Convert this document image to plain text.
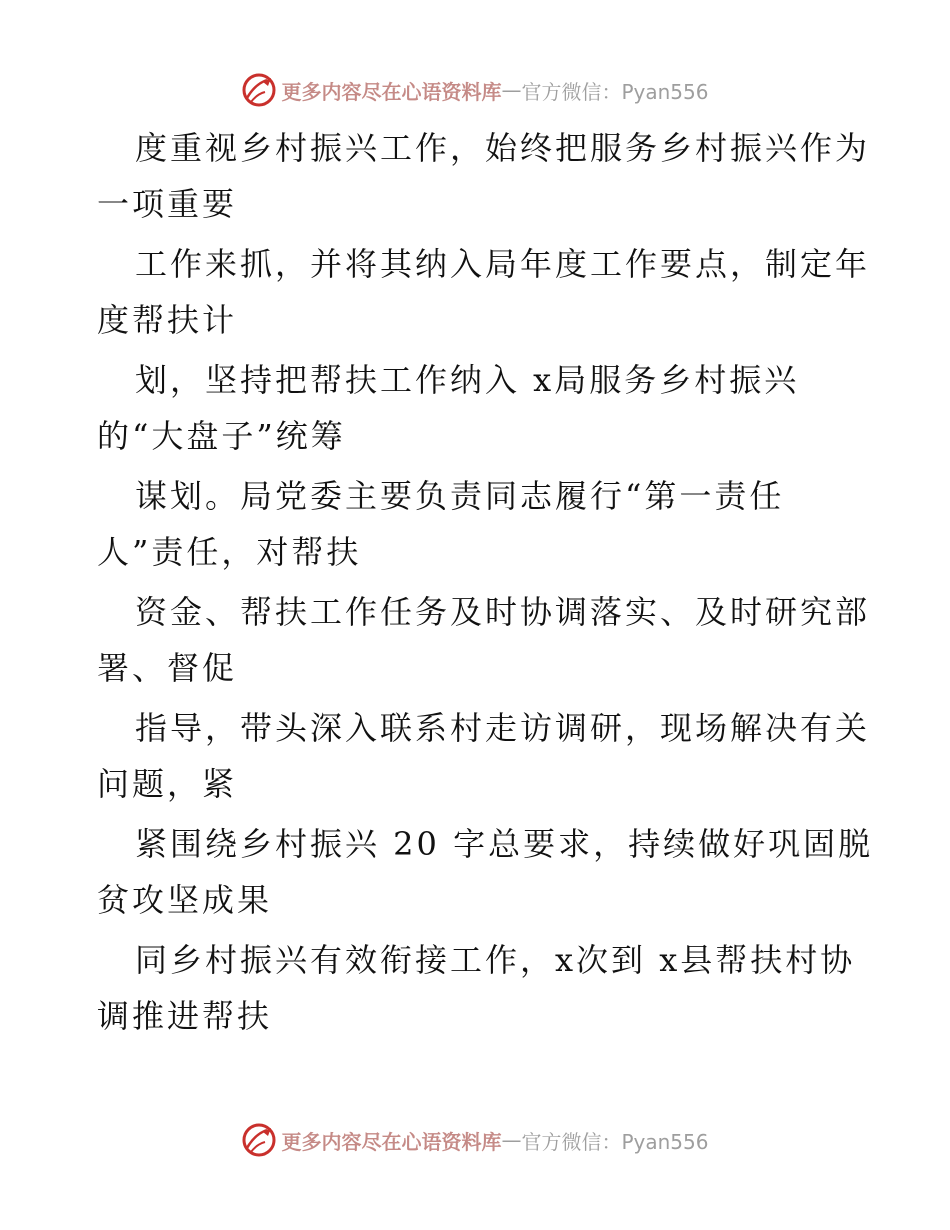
更多内容尽在心语资料库 — 官方微信：Pyan556
度重视乡村振兴工作，始终把服务乡村振兴作为
一项重要
工作来抓，并将其纳入局年度工作要点，制定年
度帮扶计
划，坚持把帮扶工作纳入 x局服务乡村振兴
的“大盘子”统筹
谋划。局党委主要负责同志履行“第一责任
人”责任，对帮扶
资金、帮扶工作任务及时协调落实、及时研究部
署、督促
指导，带头深入联系村走访调研，现场解决有关
问题，紧
紧围绕乡村振兴 20 字总要求，持续做好巩固脱
贫攻坚成果
同乡村振兴有效衔接工作，x次到 x县帮扶村协
调推进帮扶
更多内容尽在心语资料库 — 官方微信：Pyan556
